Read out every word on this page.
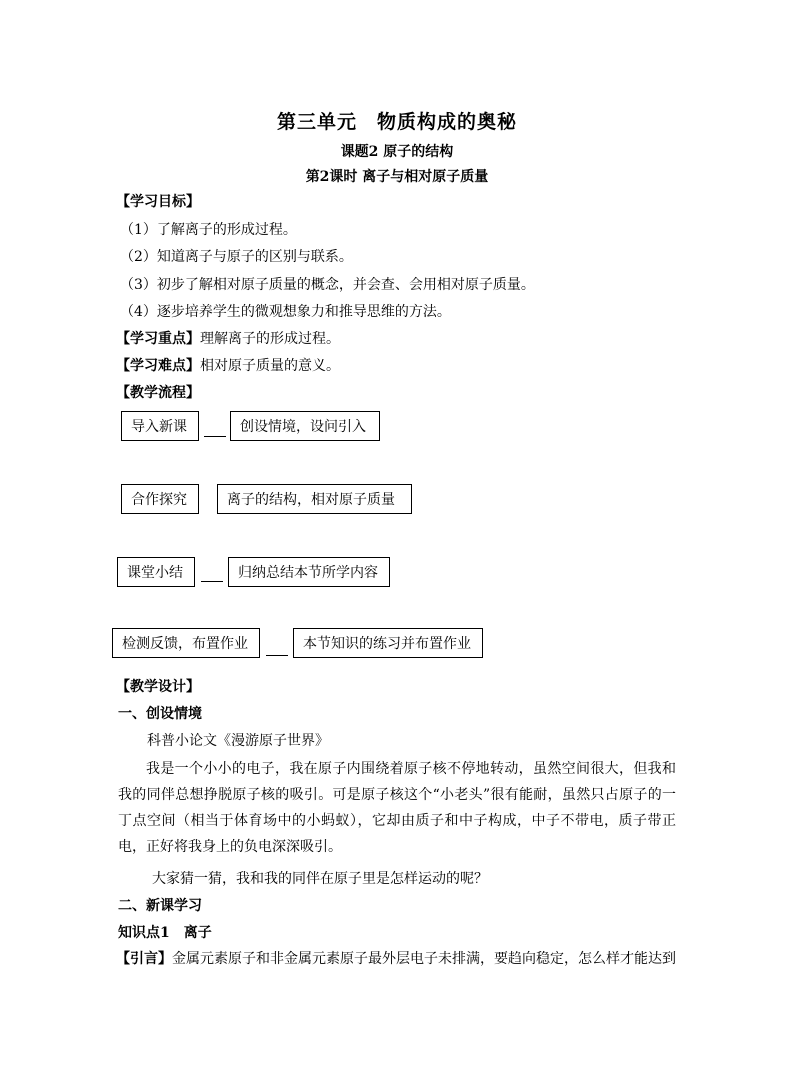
第三单元　物质构成的奥秘
课题2 原子的结构
第2课时 离子与相对原子质量
【学习目标】
（1）了解离子的形成过程。
（2）知道离子与原子的区别与联系。
（3）初步了解相对原子质量的概念，并会查、会用相对原子质量。
（4）逐步培养学生的微观想象力和推导思维的方法。
【学习重点】理解离子的形成过程。
【学习难点】相对原子质量的意义。
【教学流程】
导入新课	创设情境，设问引入
合作探究	离子的结构，相对原子质量
课堂小结	归纳总结本节所学内容
检测反馈，布置作业	本节知识的练习并布置作业
【教学设计】
一、创设情境
科普小论文《漫游原子世界》
我是一个小小的电子，我在原子内围绕着原子核不停地转动，虽然空间很大，但我和我的同伴总想挣脱原子核的吸引。可是原子核这个“小老头”很有能耐，虽然只占原子的一丁点空间（相当于体育场中的小蚂蚁），它却由质子和中子构成，中子不带电，质子带正电，正好将我身上的负电深深吸引。
大家猜一猜，我和我的同伴在原子里是怎样运动的呢？
二、新课学习
知识点1　离子
【引言】金属元素原子和非金属元素原子最外层电子未排满，要趋向稳定，怎么样才能达到
